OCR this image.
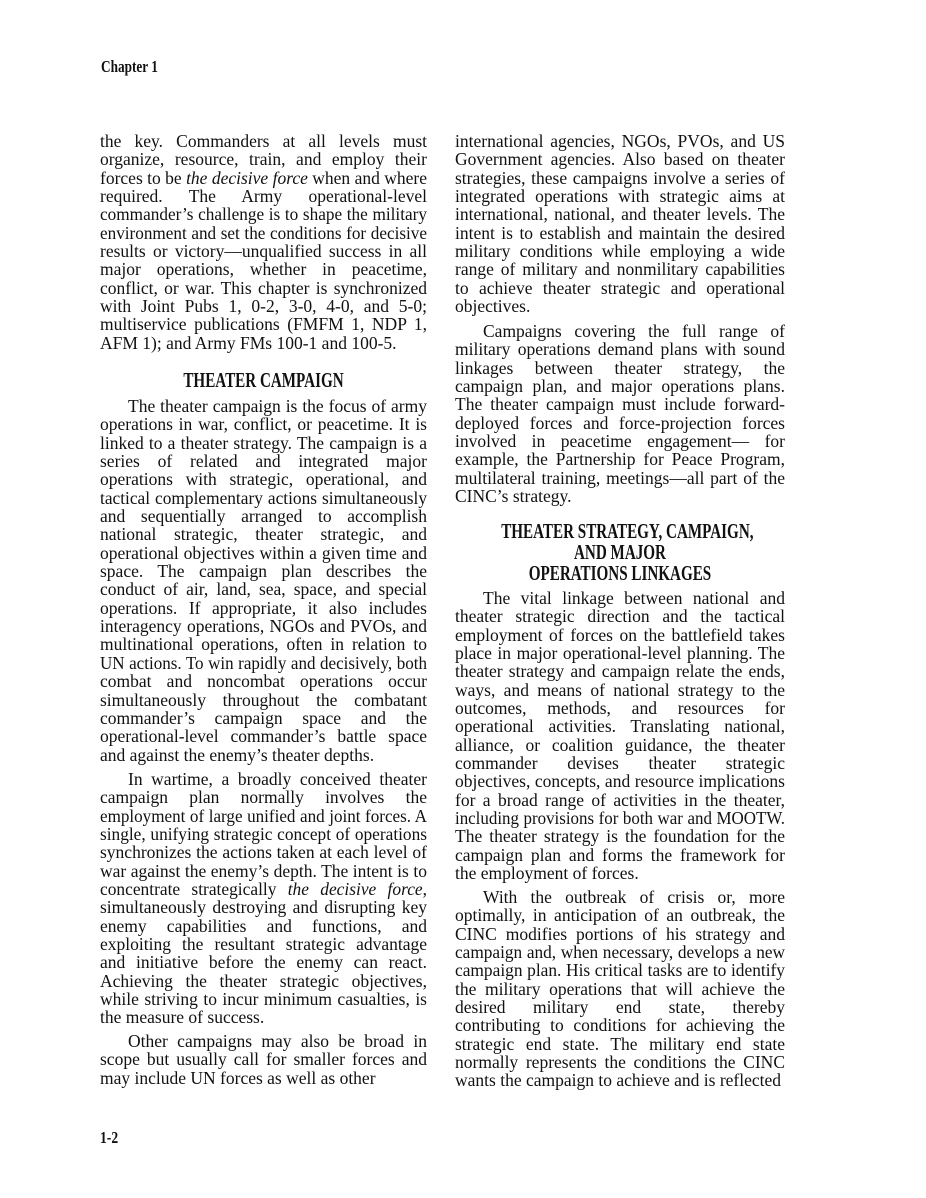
Chapter 1
the key. Commanders at all levels must
organize, resource, train, and employ their
forces to be the decisive force when and where
required. The Army operational-level
commander’s challenge is to shape the military
environment and set the conditions for decisive
results or victory—unqualified success in all
major operations, whether in peacetime,
conflict, or war. This chapter is synchronized
with Joint Pubs 1, 0-2, 3-0, 4-0, and 5-0;
multiservice publications (FMFM 1, NDP 1,
AFM 1); and Army FMs 100-1 and 100-5.
The theater campaign is the focus of army
operations in war, conflict, or peacetime. It is
linked to a theater strategy. The campaign is a
series of related and integrated major
operations with strategic, operational, and
tactical complementary actions simultaneously
and sequentially arranged to accomplish
national strategic, theater strategic, and
operational objectives within a given time and
space. The campaign plan describes the
conduct of air, land, sea, space, and special
operations. If appropriate, it also includes
interagency operations, NGOs and PVOs, and
multinational operations, often in relation to
UN actions. To win rapidly and decisively, both
combat and noncombat operations occur
simultaneously throughout the combatant
commander’s campaign space and the
operational-level commander’s battle space
and against the enemy’s theater depths.
In wartime, a broadly conceived theater
campaign plan normally involves the
employment of large unified and joint forces. A
single, unifying strategic concept of operations
synchronizes the actions taken at each level of
war against the enemy’s depth. The intent is to
concentrate strategically the decisive force,
simultaneously destroying and disrupting key
enemy capabilities and functions, and
exploiting the resultant strategic advantage
and initiative before the enemy can react.
Achieving the theater strategic objectives,
while striving to incur minimum casualties, is
the measure of success.
Other campaigns may also be broad in
scope but usually call for smaller forces and
may include UN forces as well as other
THEATER CAMPAIGN
international agencies, NGOs, PVOs, and US
Government agencies. Also based on theater
strategies, these campaigns involve a series of
integrated operations with strategic aims at
international, national, and theater levels. The
intent is to establish and maintain the desired
military conditions while employing a wide
range of military and nonmilitary capabilities
to achieve theater strategic and operational
objectives.
Campaigns covering the full range of
military operations demand plans with sound
linkages between theater strategy, the
campaign plan, and major operations plans.
The theater campaign must include forward-
deployed forces and force-projection forces
involved in peacetime engagement— for
example, the Partnership for Peace Program,
multilateral training, meetings—all part of the
CINC’s strategy.
The vital linkage between national and
theater strategic direction and the tactical
employment of forces on the battlefield takes
place in major operational-level planning. The
theater strategy and campaign relate the ends,
ways, and means of national strategy to the
outcomes, methods, and resources for
operational activities. Translating national,
alliance, or coalition guidance, the theater
commander devises theater strategic
objectives, concepts, and resource implications
for a broad range of activities in the theater,
including provisions for both war and MOOTW.
The theater strategy is the foundation for the
campaign plan and forms the framework for
the employment of forces.
With the outbreak of crisis or, more
optimally, in anticipation of an outbreak, the
CINC modifies portions of his strategy and
campaign and, when necessary, develops a new
campaign plan. His critical tasks are to identify
the military operations that will achieve the
desired military end state, thereby
contributing to conditions for achieving the
strategic end state. The military end state
normally represents the conditions the CINC
wants the campaign to achieve and is reflected
THEATER STRATEGY, CAMPAIGN,
AND MAJOR
OPERATIONS LINKAGES
1-2
